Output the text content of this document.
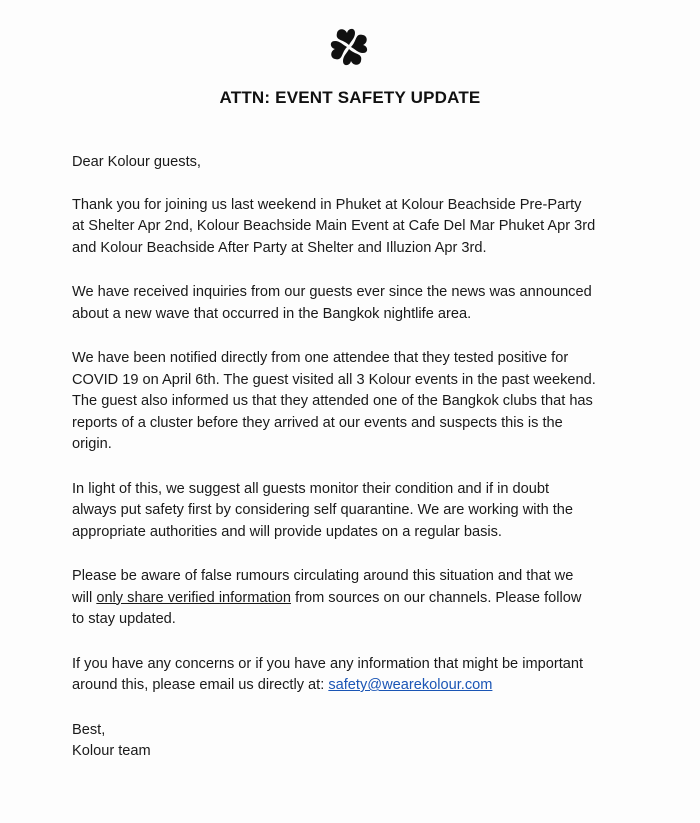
ATTN: EVENT SAFETY UPDATE

Dear Kolour guests,

Thank you for joining us last weekend in Phuket at Kolour Beachside Pre-Party
at Shelter Apr 2nd, Kolour Beachside Main Event at Cafe Del Mar Phuket Apr 3rd
and Kolour Beachside After Party at Shelter and Illuzion Apr 3rd.

We have received inquiries from our guests ever since the news was announced
about a new wave that occurred in the Bangkok nightlife area.

We have been notified directly from one attendee that they tested positive for
COVID 19 on April 6th. The guest visited all 3 Kolour events in the past weekend.
The guest also informed us that they attended one of the Bangkok clubs that has
reports of a cluster before they arrived at our events and suspects this is the
origin.

In light of this, we suggest all guests monitor their condition and if in doubt
always put safety first by considering self quarantine. We are working with the
appropriate authorities and will provide updates on a regular basis.

Please be aware of false rumours circulating around this situation and that we
will only share verified information from sources on our channels. Please follow
to stay updated.

If you have any concerns or if you have any information that might be important
around this, please email us directly at: safety@wearekolour.com

Best,
Kolour team
